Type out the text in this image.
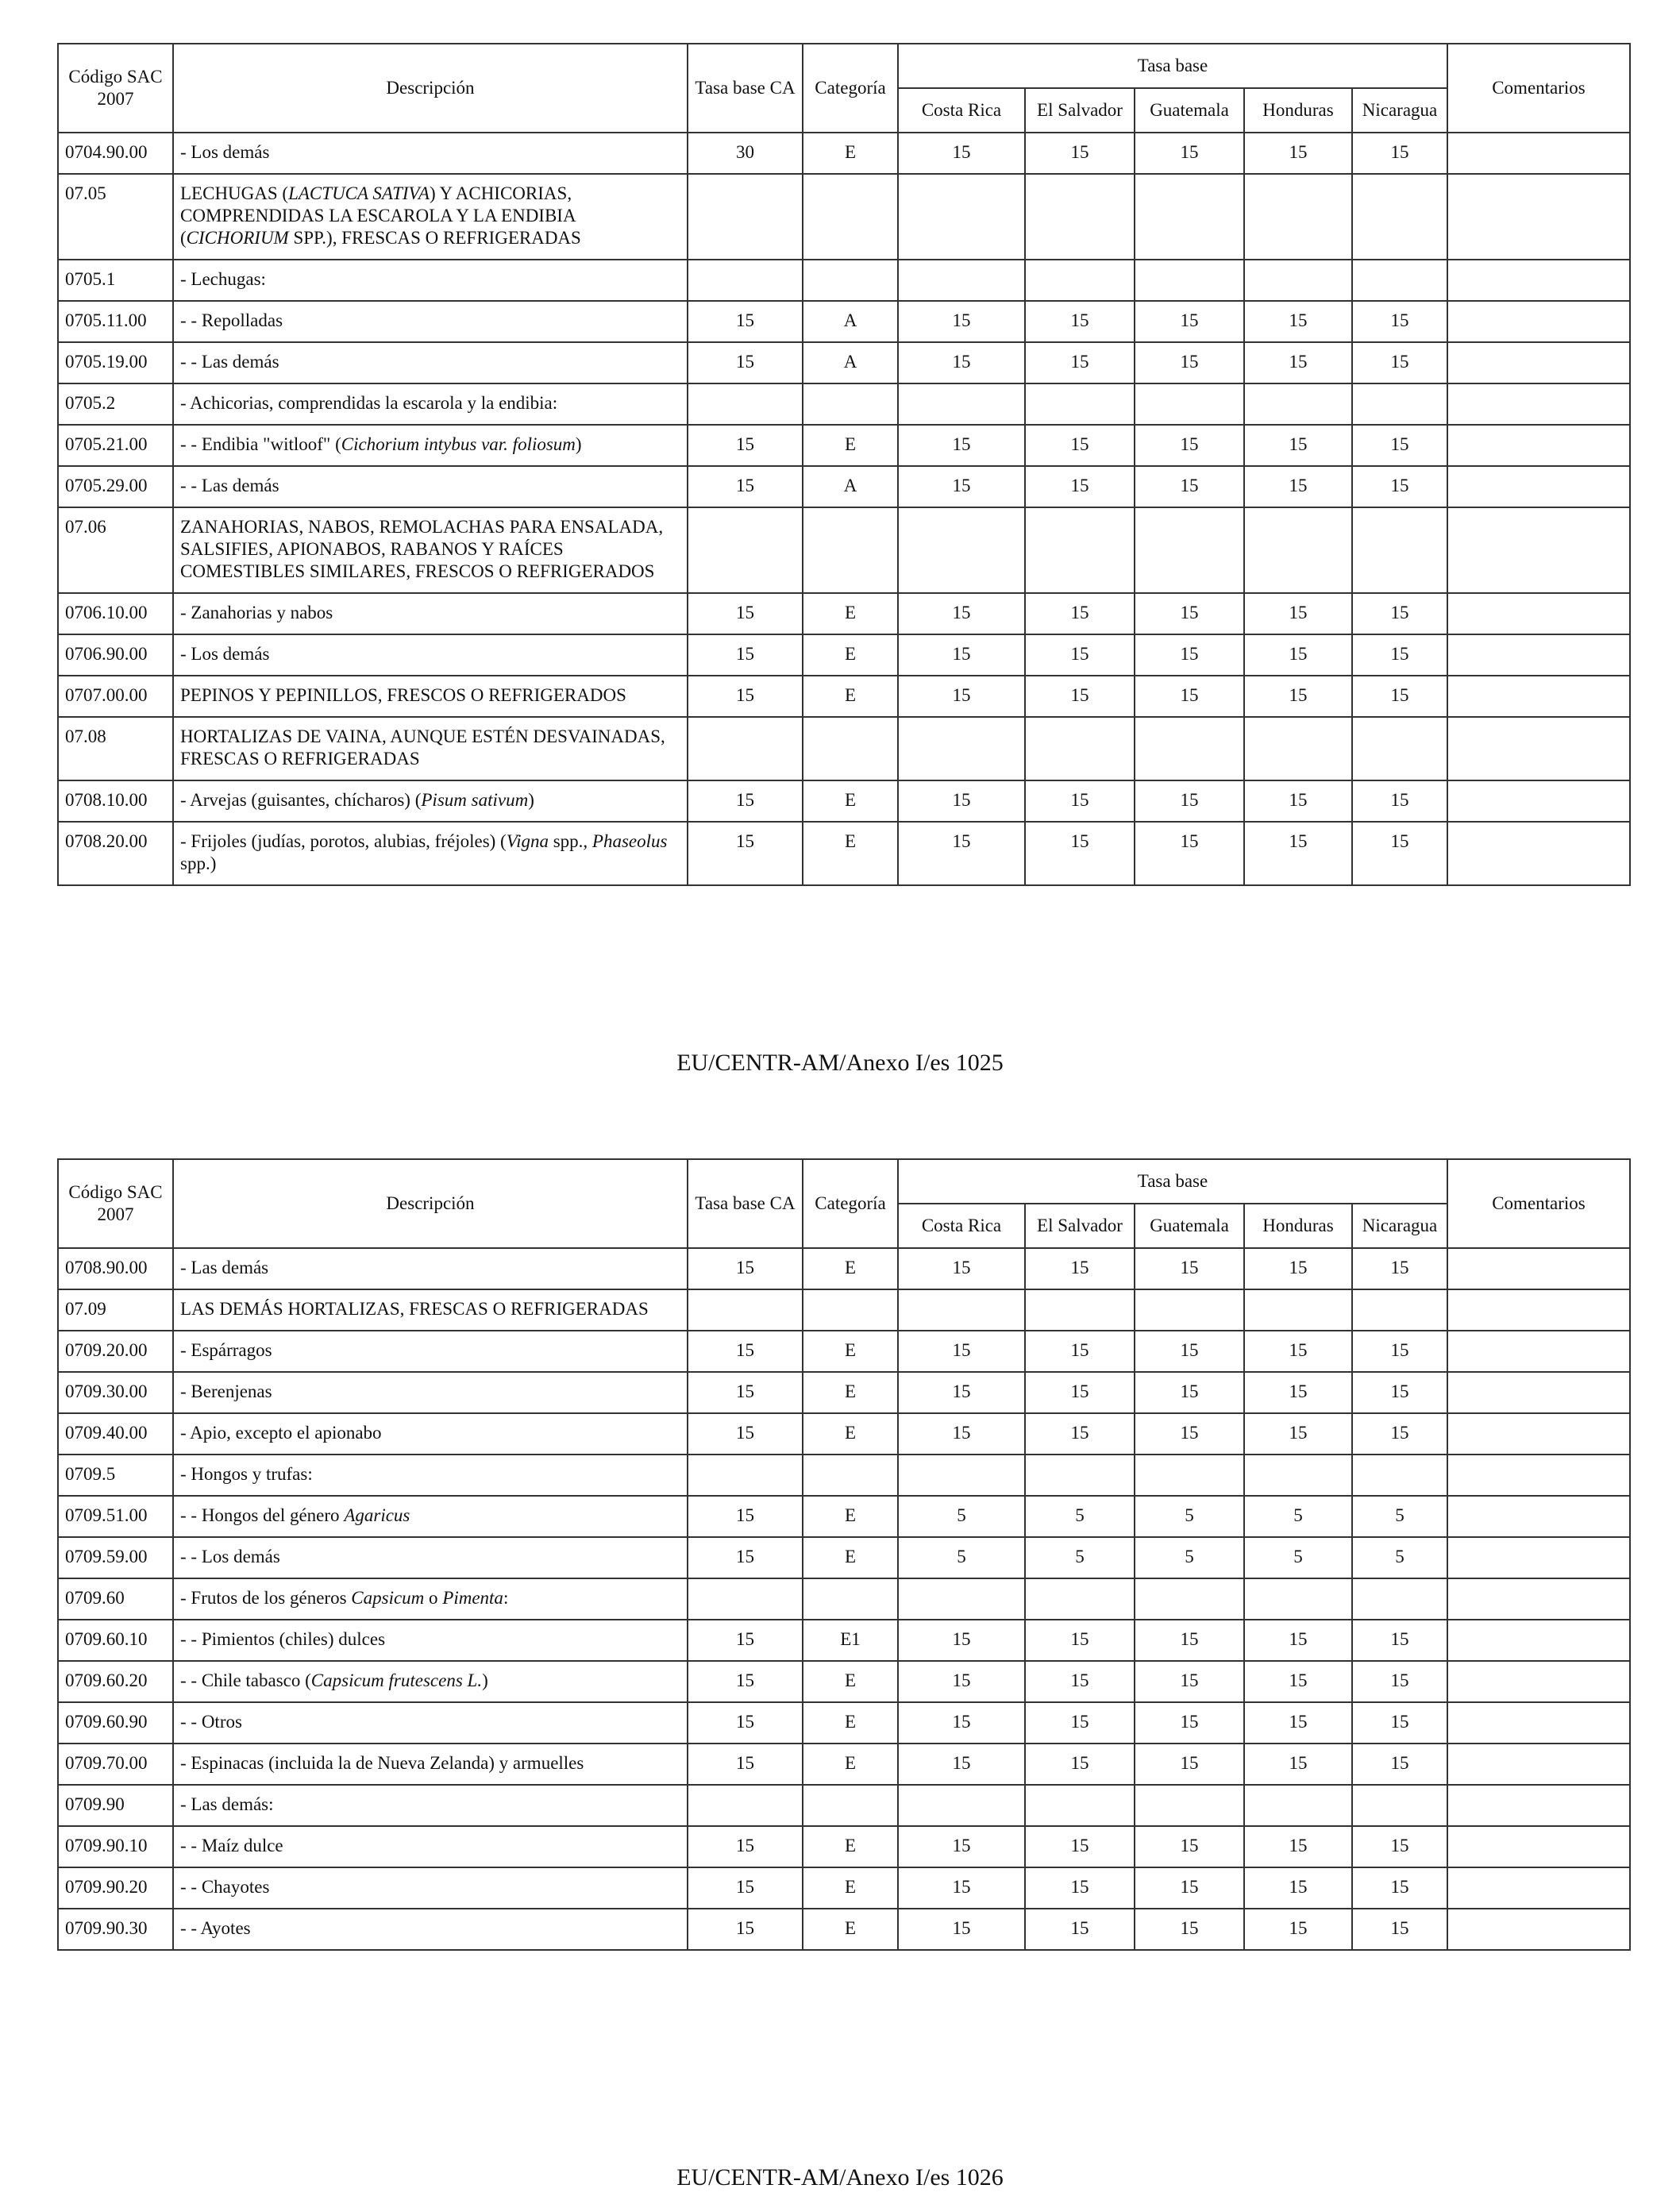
Código SAC 2007	Descripción	Tasa base CA	Categoría	Tasa base					Comentarios
				Costa Rica	El Salvador	Guatemala	Honduras	Nicaragua	
0704.90.00	- Los demás	30	E	15	15	15	15	15	
07.05	LECHUGAS (LACTUCA SATIVA) Y ACHICORIAS, COMPRENDIDAS LA ESCAROLA Y LA ENDIBIA (CICHORIUM SPP.), FRESCAS O REFRIGERADAS								
0705.1	- Lechugas:								
0705.11.00	- - Repolladas	15	A	15	15	15	15	15	
0705.19.00	- - Las demás	15	A	15	15	15	15	15	
0705.2	- Achicorias, comprendidas la escarola y la endibia:								
0705.21.00	- - Endibia "witloof" (Cichorium intybus var. foliosum)	15	E	15	15	15	15	15	
0705.29.00	- - Las demás	15	A	15	15	15	15	15	
07.06	ZANAHORIAS, NABOS, REMOLACHAS PARA ENSALADA, SALSIFIES, APIONABOS, RABANOS Y RAÍCES COMESTIBLES SIMILARES, FRESCOS O REFRIGERADOS								
0706.10.00	- Zanahorias y nabos	15	E	15	15	15	15	15	
0706.90.00	- Los demás	15	E	15	15	15	15	15	
0707.00.00	PEPINOS Y PEPINILLOS, FRESCOS O REFRIGERADOS	15	E	15	15	15	15	15	
07.08	HORTALIZAS DE VAINA, AUNQUE ESTÉN DESVAINADAS, FRESCAS O REFRIGERADAS								
0708.10.00	- Arvejas (guisantes, chícharos) (Pisum sativum)	15	E	15	15	15	15	15	
0708.20.00	- Frijoles (judías, porotos, alubias, fréjoles) (Vigna spp., Phaseolus spp.)	15	E	15	15	15	15	15	
EU/CENTR-AM/Anexo I/es 1025
Código SAC 2007	Descripción	Tasa base CA	Categoría	Tasa base					Comentarios
				Costa Rica	El Salvador	Guatemala	Honduras	Nicaragua	
0708.90.00	- Las demás	15	E	15	15	15	15	15	
07.09	LAS DEMÁS HORTALIZAS, FRESCAS O REFRIGERADAS								
0709.20.00	- Espárragos	15	E	15	15	15	15	15	
0709.30.00	- Berenjenas	15	E	15	15	15	15	15	
0709.40.00	- Apio, excepto el apionabo	15	E	15	15	15	15	15	
0709.5	- Hongos y trufas:								
0709.51.00	- - Hongos del género Agaricus	15	E	5	5	5	5	5	
0709.59.00	- - Los demás	15	E	5	5	5	5	5	
0709.60	- Frutos de los géneros Capsicum o Pimenta:								
0709.60.10	- - Pimientos (chiles) dulces	15	E1	15	15	15	15	15	
0709.60.20	- - Chile tabasco (Capsicum frutescens L.)	15	E	15	15	15	15	15	
0709.60.90	- - Otros	15	E	15	15	15	15	15	
0709.70.00	- Espinacas (incluida la de Nueva Zelanda) y armuelles	15	E	15	15	15	15	15	
0709.90	- Las demás:								
0709.90.10	- - Maíz dulce	15	E	15	15	15	15	15	
0709.90.20	- - Chayotes	15	E	15	15	15	15	15	
0709.90.30	- - Ayotes	15	E	15	15	15	15	15	
EU/CENTR-AM/Anexo I/es 1026
